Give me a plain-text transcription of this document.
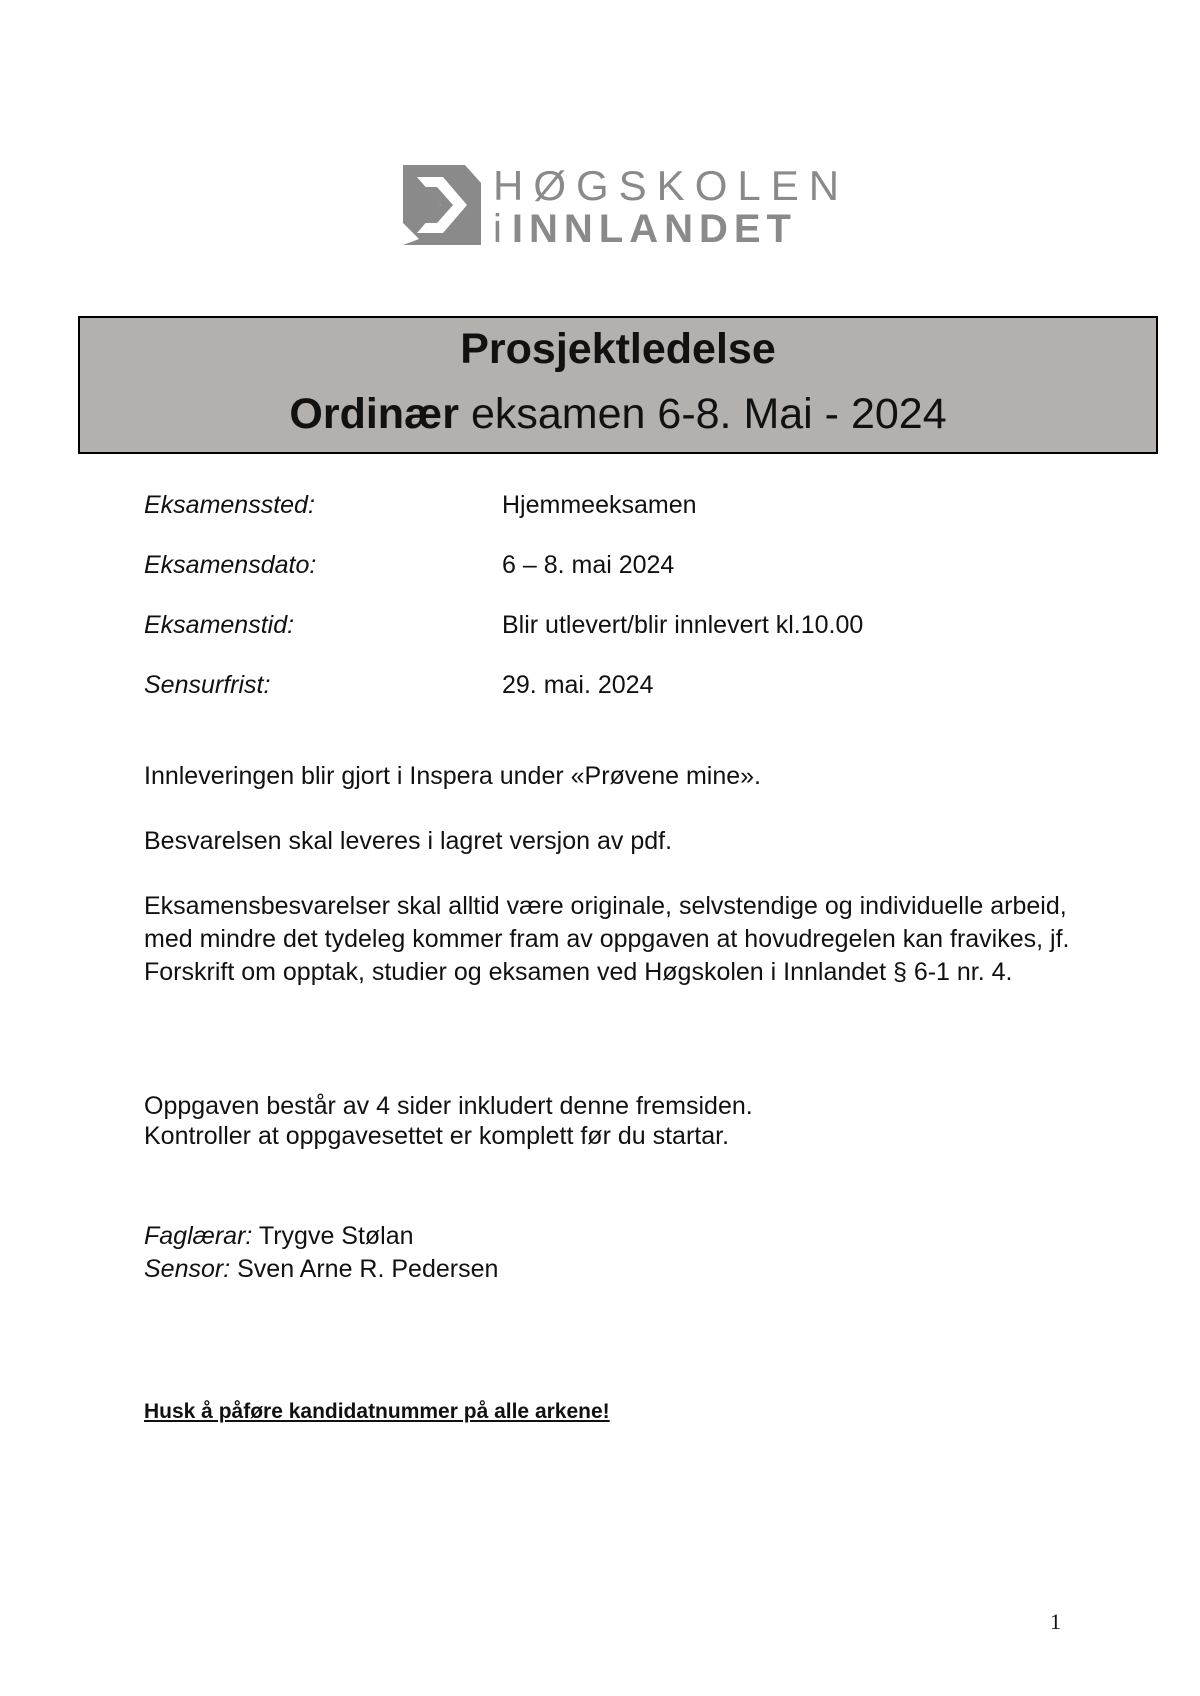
HØGSKOLEN
i INNLANDET
Prosjektledelse
Ordinær eksamen 6-8. Mai - 2024
Eksamenssted:	Hjemmeeksamen
Eksamensdato:	6 – 8. mai 2024
Eksamenstid:	Blir utlevert/blir innlevert kl.10.00
Sensurfrist:	29. mai. 2024
Innleveringen blir gjort i Inspera under «Prøvene mine».
Besvarelsen skal leveres i lagret versjon av pdf.
Eksamensbesvarelser skal alltid være originale, selvstendige og individuelle arbeid, med mindre det tydeleg kommer fram av oppgaven at hovudregelen kan fravikes, jf. Forskrift om opptak, studier og eksamen ved Høgskolen i Innlandet § 6-1 nr. 4.
Oppgaven består av 4 sider inkludert denne fremsiden.
Kontroller at oppgavesettet er komplett før du startar.
Faglærar: Trygve Stølan
Sensor: Sven Arne R. Pedersen
Husk å påføre kandidatnummer på alle arkene!
1
